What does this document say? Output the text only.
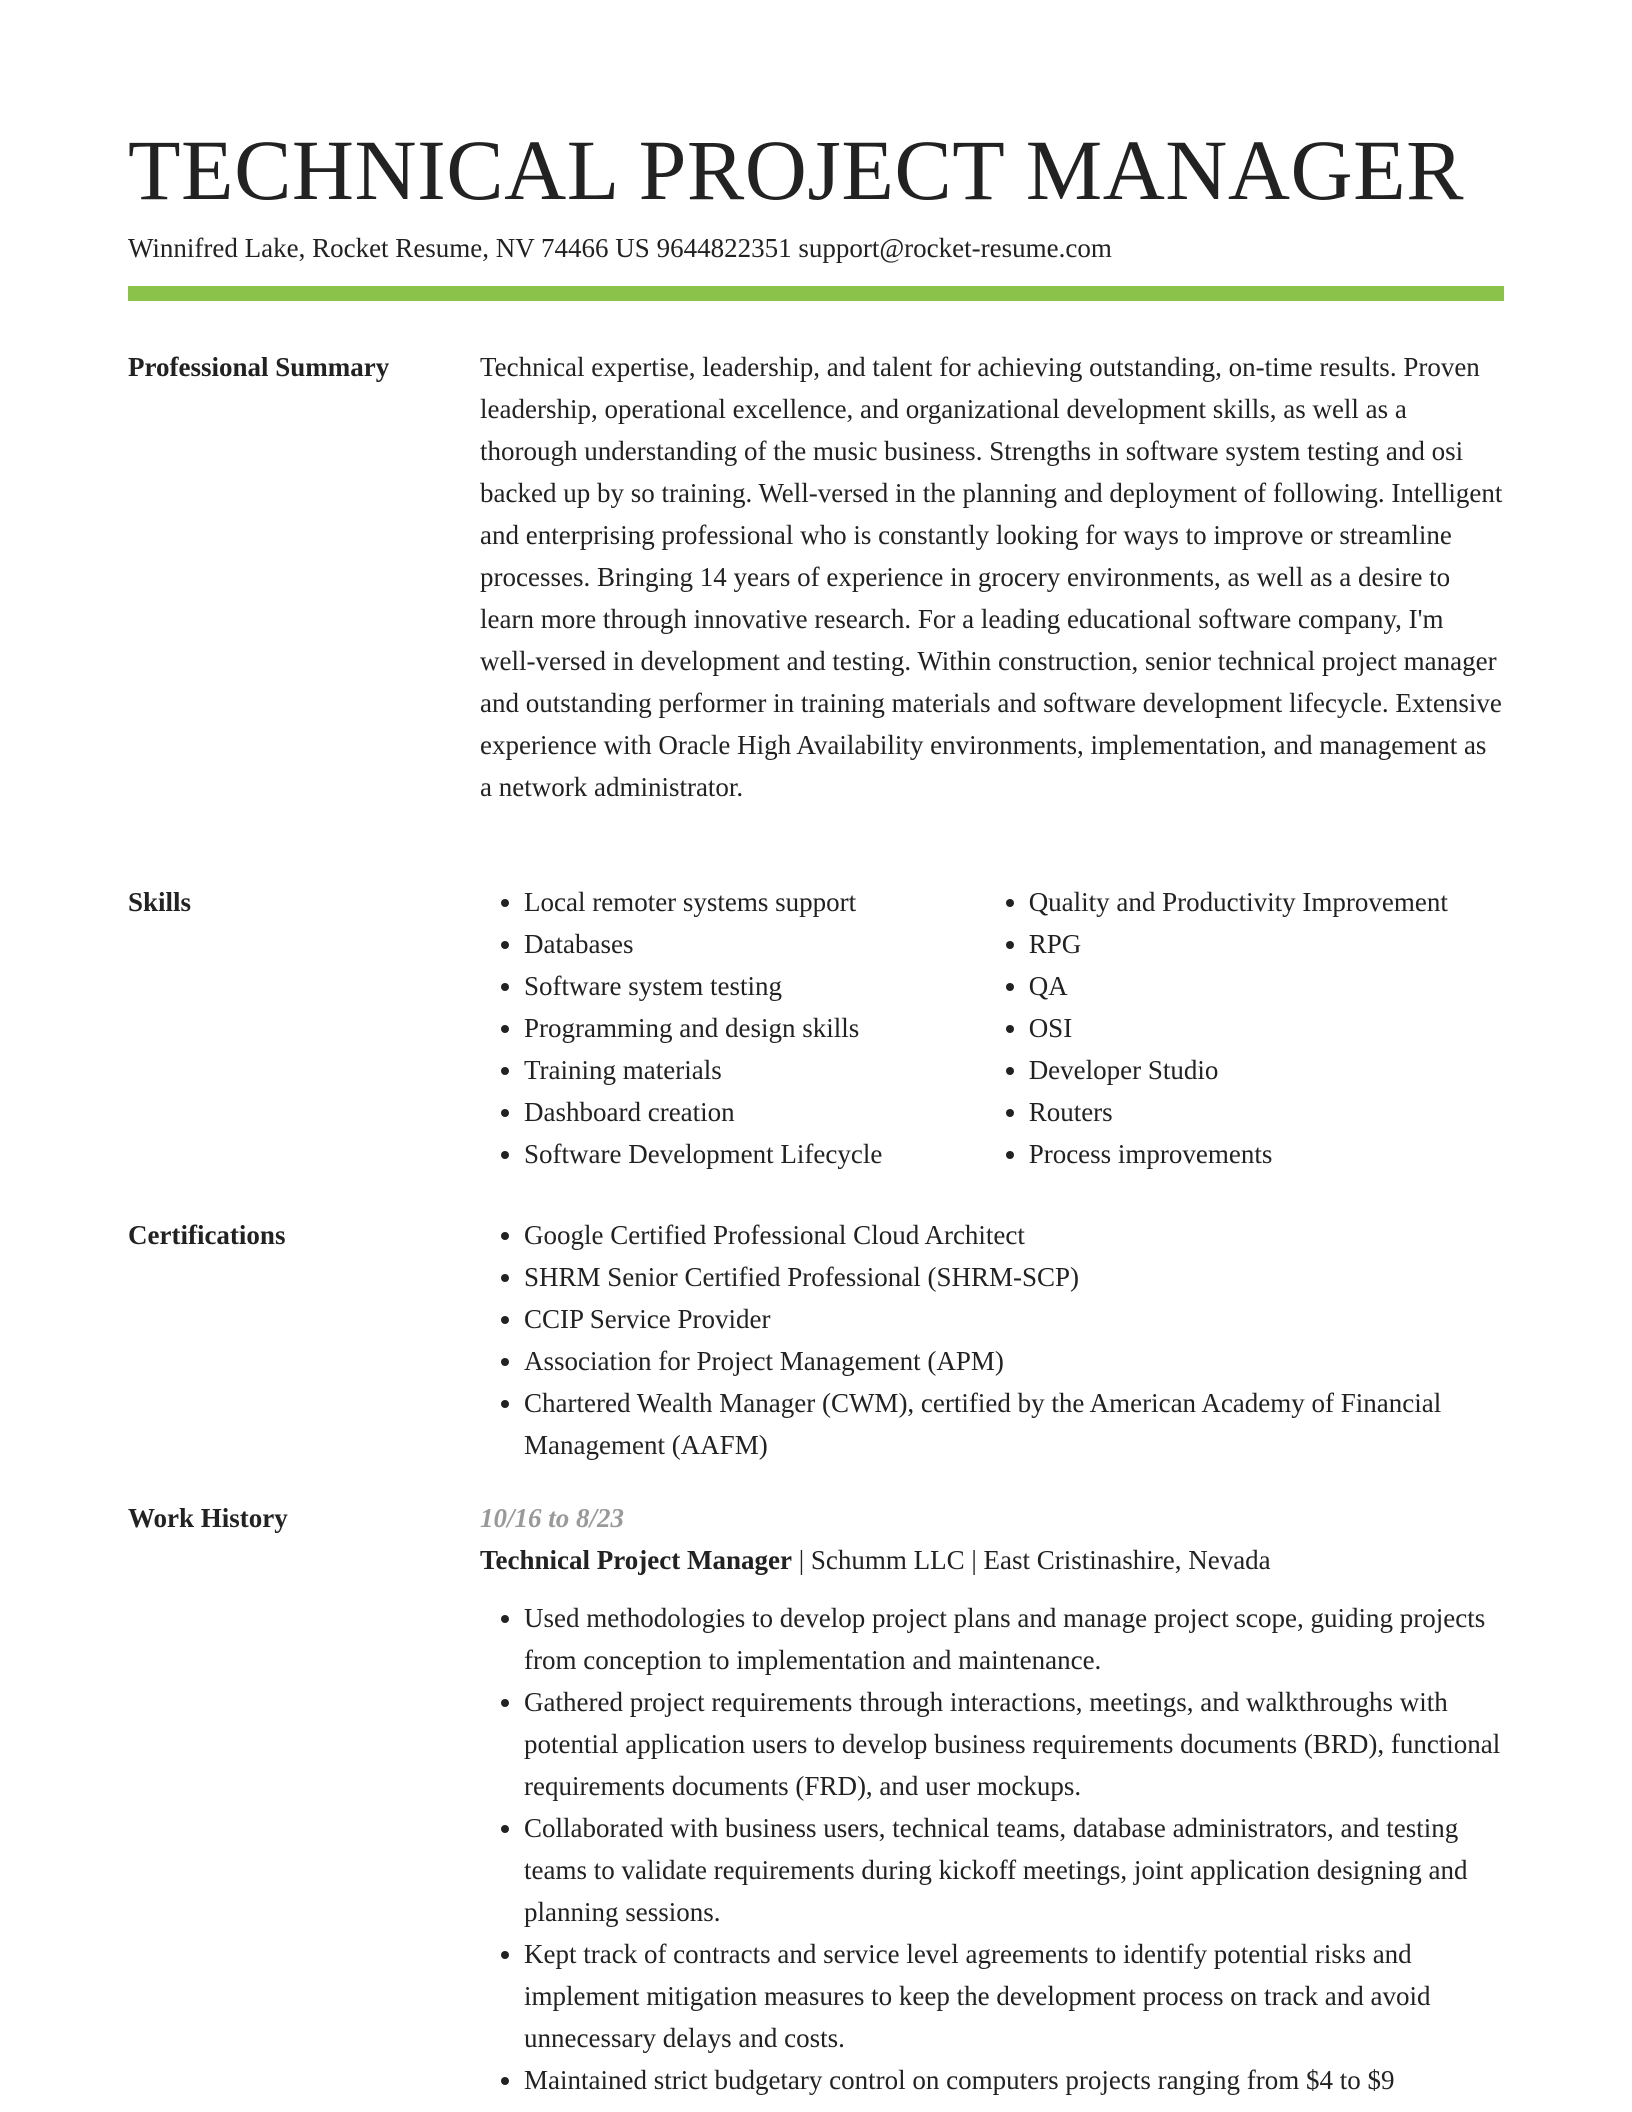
TECHNICAL PROJECT MANAGER
Winnifred Lake, Rocket Resume, NV 74466 US 9644822351 support@rocket-resume.com
Professional Summary	Technical expertise, leadership, and talent for achieving outstanding, on-time results. Proven leadership, operational excellence, and organizational development skills, as well as a thorough understanding of the music business. Strengths in software system testing and osi backed up by so training. Well-versed in the planning and deployment of following. Intelligent and enterprising professional who is constantly looking for ways to improve or streamline processes. Bringing 14 years of experience in grocery environments, as well as a desire to learn more through innovative research. For a leading educational software company, I'm well-versed in development and testing. Within construction, senior technical project manager and outstanding performer in training materials and software development lifecycle. Extensive experience with Oracle High Availability environments, implementation, and management as a network administrator.

Skills	• Local remoter systems support
• Databases
• Software system testing
• Programming and design skills
• Training materials
• Dashboard creation
• Software Development Lifecycle
• Quality and Productivity Improvement
• RPG
• QA
• OSI
• Developer Studio
• Routers
• Process improvements
Certifications	• Google Certified Professional Cloud Architect
• SHRM Senior Certified Professional (SHRM-SCP)
• CCIP Service Provider
• Association for Project Management (APM)
• Chartered Wealth Manager (CWM), certified by the American Academy of Financial Management (AAFM)
Work History	10/16 to 8/23
Technical Project Manager | Schumm LLC | East Cristinashire, Nevada
• Used methodologies to develop project plans and manage project scope, guiding projects from conception to implementation and maintenance.
• Gathered project requirements through interactions, meetings, and walkthroughs with potential application users to develop business requirements documents (BRD), functional requirements documents (FRD), and user mockups.
• Collaborated with business users, technical teams, database administrators, and testing teams to validate requirements during kickoff meetings, joint application designing and planning sessions.
• Kept track of contracts and service level agreements to identify potential risks and implement mitigation measures to keep the development process on track and avoid unnecessary delays and costs.
• Maintained strict budgetary control on computers projects ranging from $4 to $9
